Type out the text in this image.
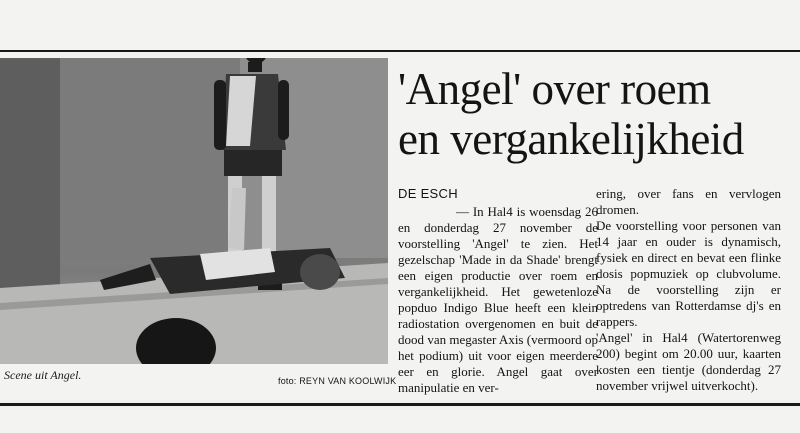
Scene uit Angel.	foto: REYN VAN KOOLWIJK
'Angel' over roem
en vergankelijkheid
DE ESCH

— In Hal4 is woensdag 26 en donderdag 27 november de voorstelling 'Angel' te zien. Het gezelschap 'Made in da Shade' brengt een eigen productie over roem en vergankelijkheid. Het gewetenloze popduo Indigo Blue heeft een klein radiostation overgenomen en buit de dood van megaster Axis (vermoord op het podium) uit voor eigen meerdere eer en glorie. Angel gaat over manipulatie en ver-

ering, over fans en vervlogen dromen.

De voorstelling voor personen van 14 jaar en ouder is dynamisch, fysiek en direct en bevat een flinke dosis popmuziek op clubvolume. Na de voorstelling zijn er optredens van Rotterdamse dj's en rappers.

'Angel' in Hal4 (Watertorenweg 200) begint om 20.00 uur, kaarten kosten een tientje (donderdag 27 november vrijwel uitverkocht).
